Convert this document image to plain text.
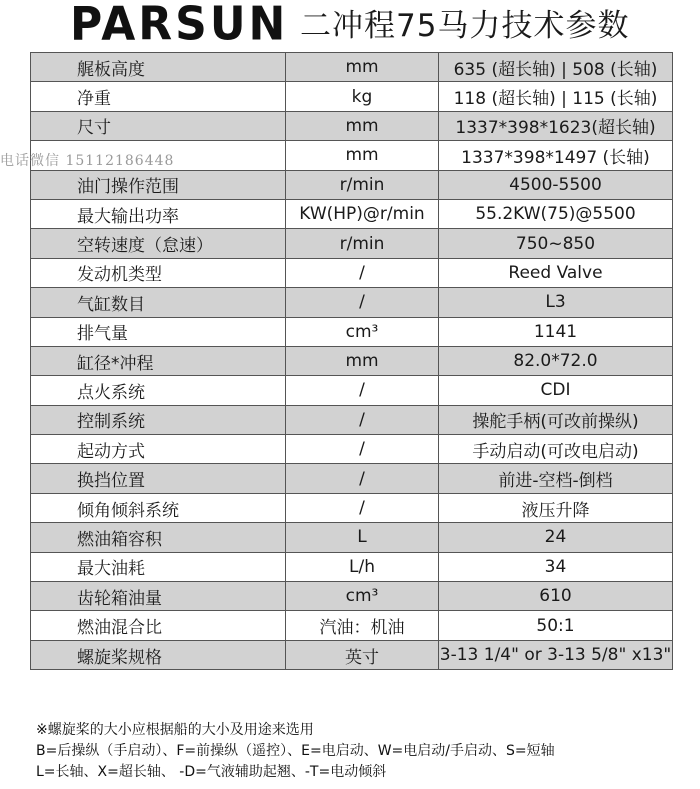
PARSUN 二冲程75马力技术参数
艉板高度	mm	635 (超长轴) | 508 (长轴)
净重	kg	118 (超长轴) | 115 (长轴)
尺寸	mm	1337*398*1623(超长轴)
	mm	1337*398*1497 (长轴)
油门操作范围	r/min	4500-5500
最大输出功率	KW(HP)@r/min	55.2KW(75)@5500
空转速度（怠速）	r/min	750~850
发动机类型	/	Reed Valve
气缸数目	/	L3
排气量	cm³	1141
缸径*冲程	mm	82.0*72.0
点火系统	/	CDI
控制系统	/	操舵手柄(可改前操纵)
起动方式	/	手动启动(可改电启动)
换挡位置	/	前进-空档-倒档
倾角倾斜系统	/	液压升降
燃油箱容积	L	24
最大油耗	L/h	34
齿轮箱油量	cm³	610
燃油混合比	汽油：机油	50:1
螺旋桨规格	英寸	3-13 1/4" or 3-13 5/8" x13"
电话微信 15112186448
※螺旋桨的大小应根据船的大小及用途来选用
B=后操纵（手启动）、F=前操纵（遥控）、E=电启动、W=电启动/手启动、S=短轴
L=长轴、X=超长轴、 -D=气液辅助起翘、-T=电动倾斜
